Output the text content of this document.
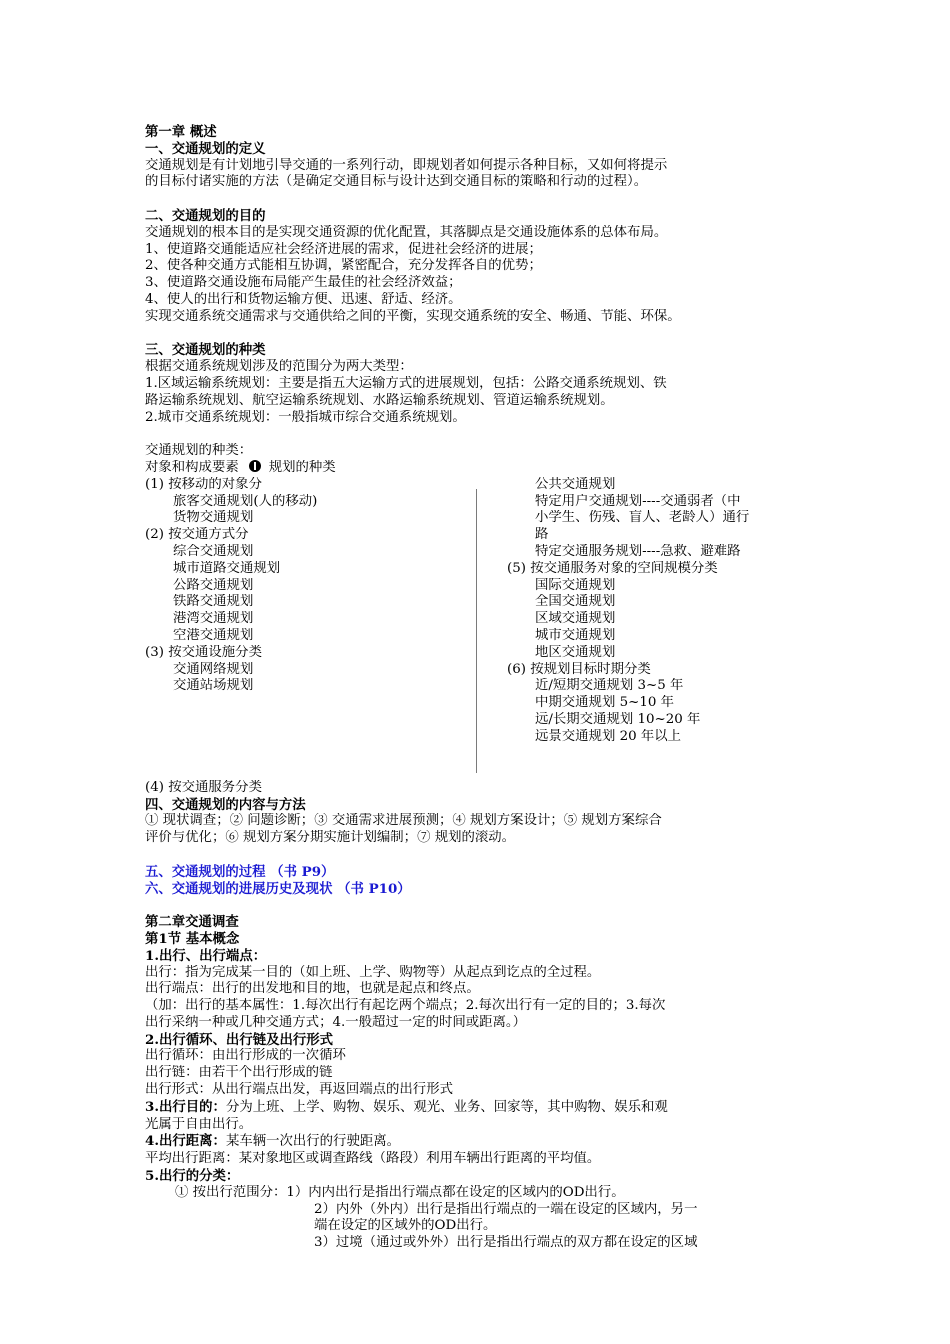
第一章 概述
一、交通规划的定义
交通规划是有计划地引导交通的一系列行动，即规划者如何提示各种目标，又如何将提示
的目标付诸实施的方法（是确定交通目标与设计达到交通目标的策略和行动的过程）。
二、交通规划的目的
交通规划的根本目的是实现交通资源的优化配置，其落脚点是交通设施体系的总体布局。
1、使道路交通能适应社会经济进展的需求，促进社会经济的进展；
2、使各种交通方式能相互协调，紧密配合，充分发挥各自的优势；
3、使道路交通设施布局能产生最佳的社会经济效益；
4、使人的出行和货物运输方便、迅速、舒适、经济。
实现交通系统交通需求与交通供给之间的平衡，实现交通系统的安全、畅通、节能、环保。
三、交通规划的种类
根据交通系统规划涉及的范围分为两大类型：
1.区域运输系统规划：主要是指五大运输方式的进展规划，包括：公路交通系统规划、铁
路运输系统规划、航空运输系统规划、水路运输系统规划、管道运输系统规划。
2.城市交通系统规划：一般指城市综合交通系统规划。
交通规划的种类：
对象和构成要素 规划的种类
(1) 按移动的对象分
旅客交通规划(人的移动)
货物交通规划
(2) 按交通方式分
综合交通规划
城市道路交通规划
公路交通规划
铁路交通规划
港湾交通规划
空港交通规划
(3) 按交通设施分类
交通网络规划
交通站场规划
公共交通规划
特定用户交通规划----交通弱者（中
小学生、伤残、盲人、老龄人）通行
路
特定交通服务规划----急救、避难路
(5) 按交通服务对象的空间规模分类
国际交通规划
全国交通规划
区域交通规划
城市交通规划
地区交通规划
(6) 按规划目标时期分类
近/短期交通规划 3~5 年
中期交通规划 5~10 年
远/长期交通规划 10~20 年
远景交通规划 20 年以上
(4) 按交通服务分类
四、交通规划的内容与方法
① 现状调查；② 问题诊断；③ 交通需求进展预测；④ 规划方案设计；⑤ 规划方案综合
评价与优化；⑥ 规划方案分期实施计划编制；⑦ 规划的滚动。
五、交通规划的过程 （书 P9）
六、交通规划的进展历史及现状 （书 P10）
第二章交通调查
第1节 基本概念
1.出行、出行端点：
出行：指为完成某一目的（如上班、上学、购物等）从起点到讫点的全过程。
出行端点：出行的出发地和目的地，也就是起点和终点。
（加：出行的基本属性：1.每次出行有起讫两个端点；2.每次出行有一定的目的；3.每次
出行采纳一种或几种交通方式；4.一般超过一定的时间或距离。）
2.出行循环、出行链及出行形式
出行循环：由出行形成的一次循环
出行链：由若干个出行形成的链
出行形式：从出行端点出发，再返回端点的出行形式
3.出行目的：分为上班、上学、购物、娱乐、观光、业务、回家等，其中购物、娱乐和观
光属于自由出行。
4.出行距离：某车辆一次出行的行驶距离。
平均出行距离：某对象地区或调查路线（路段）利用车辆出行距离的平均值。
5.出行的分类：
① 按出行范围分：1）内内出行是指出行端点都在设定的区域内的OD出行。
2）内外（外内）出行是指出行端点的一端在设定的区域内，另一
端在设定的区域外的OD出行。
3）过境（通过或外外）出行是指出行端点的双方都在设定的区域
